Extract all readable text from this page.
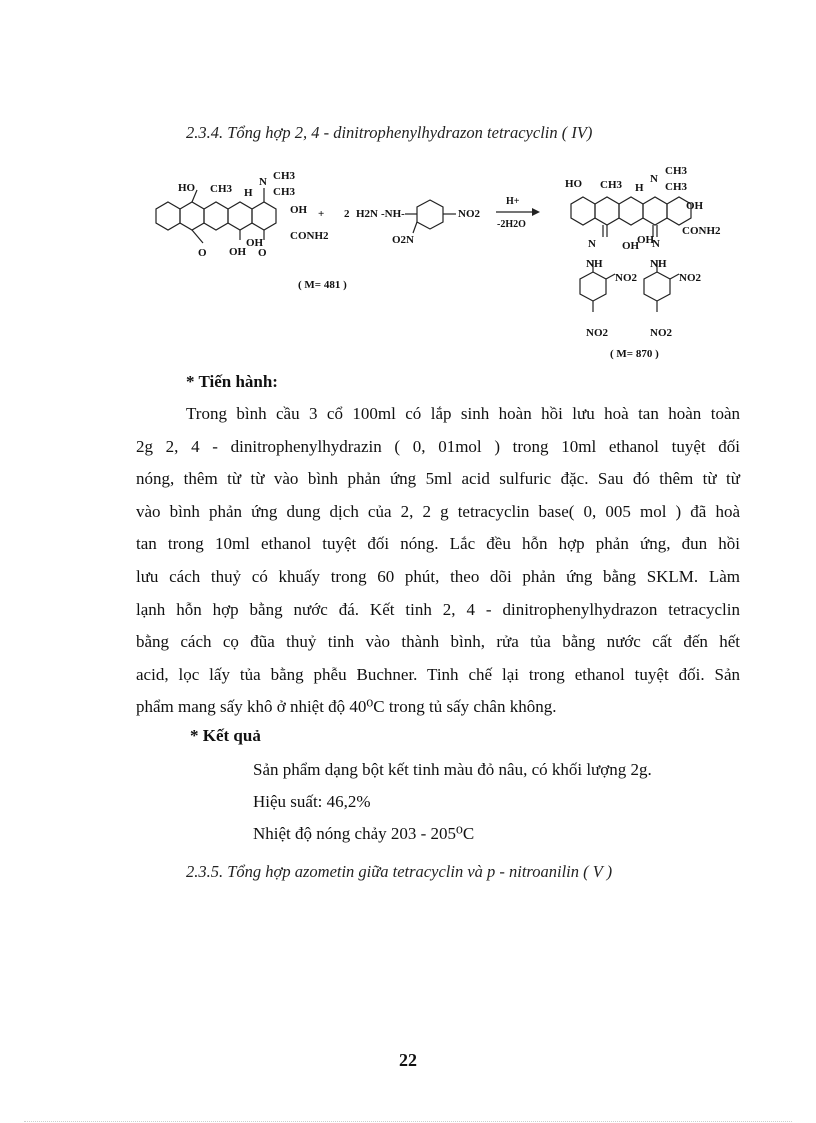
2.3.4. Tổng hợp 2, 4 - dinitrophenylhydrazon tetracyclin ( IV)
HO CH3 H
N CH3
CH3
OH
CONH2
O OH
OH
O
+
( M= 481 )
2 H2N -NH-	NO2
O2N
H+
-2H2O
HO CH3 H
N
CH3
CH3
OH
CONH2
OH
OH
N
NH
N
NH
NO2	NO2
NO2	NO2
( M= 870 )
* Tiến hành:
Trong bình cầu 3 cổ 100ml có lắp sinh hoàn hồi lưu hoà tan hoàn toàn
2g 2, 4 - dinitrophenylhydrazin ( 0, 01mol ) trong 10ml ethanol tuyệt đối
nóng, thêm từ từ vào bình phản ứng 5ml acid sulfuric đặc. Sau đó thêm từ từ
vào bình phản ứng dung dịch của 2, 2 g tetracyclin base( 0, 005 mol ) đã hoà
tan trong 10ml ethanol tuyệt đối nóng. Lắc đều hỗn hợp phản ứng, đun hồi
lưu cách thuỷ có khuấy trong 60 phút, theo dõi phản ứng bằng SKLM. Làm
lạnh hỗn hợp bằng nước đá. Kết tinh 2, 4 - dinitrophenylhydrazon tetracyclin
bằng cách cọ đũa thuỷ tinh vào thành bình, rửa tủa bằng nước cất đến hết
acid, lọc lấy tủa bằng phễu Buchner. Tinh chế lại trong ethanol tuyệt đối. Sản
phẩm mang sấy khô ở nhiệt độ 40⁰C trong tủ sấy chân không.
* Kết quả
Sản phẩm dạng bột kết tinh màu đỏ nâu, có khối lượng 2g.
Hiệu suất: 46,2%
Nhiệt độ nóng chảy 203 - 205⁰C
2.3.5. Tổng hợp azometin giữa tetracyclin và p - nitroanilin ( V )
22
